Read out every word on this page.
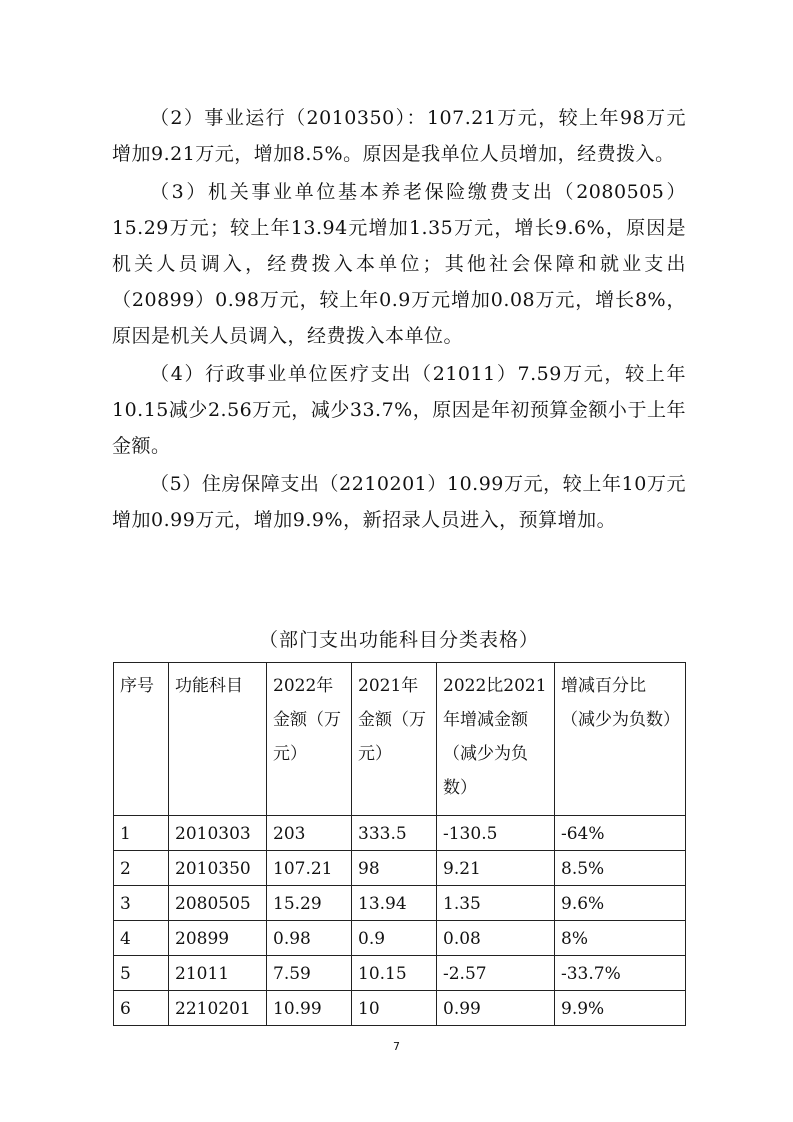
（2）事业运行（2010350）：107.21万元，较上年98万元增加9.21万元，增加8.5%。原因是我单位人员增加，经费拨入。

（3）机关事业单位基本养老保险缴费支出（2080505）15.29万元；较上年13.94元增加1.35万元，增长9.6%，原因是机关人员调入，经费拨入本单位；其他社会保障和就业支出（20899）0.98万元，较上年0.9万元增加0.08万元，增长8%，原因是机关人员调入，经费拨入本单位。

（4）行政事业单位医疗支出（21011）7.59万元，较上年10.15减少2.56万元，减少33.7%，原因是年初预算金额小于上年金额。

（5）住房保障支出（2210201）10.99万元，较上年10万元增加0.99万元，增加9.9%，新招录人员进入，预算增加。

（部门支出功能科目分类表格）
序号	功能科目	2022年金额（万元）	2021年金额（万元）	2022比2021年增减金额（减少为负数）	增减百分比（减少为负数）
1	2010303	203	333.5	-130.5	-64%
2	2010350	107.21	98	9.21	8.5%
3	2080505	15.29	13.94	1.35	9.6%
4	20899	0.98	0.9	0.08	8%
5	21011	7.59	10.15	-2.57	-33.7%
6	2210201	10.99	10	0.99	9.9%
7
